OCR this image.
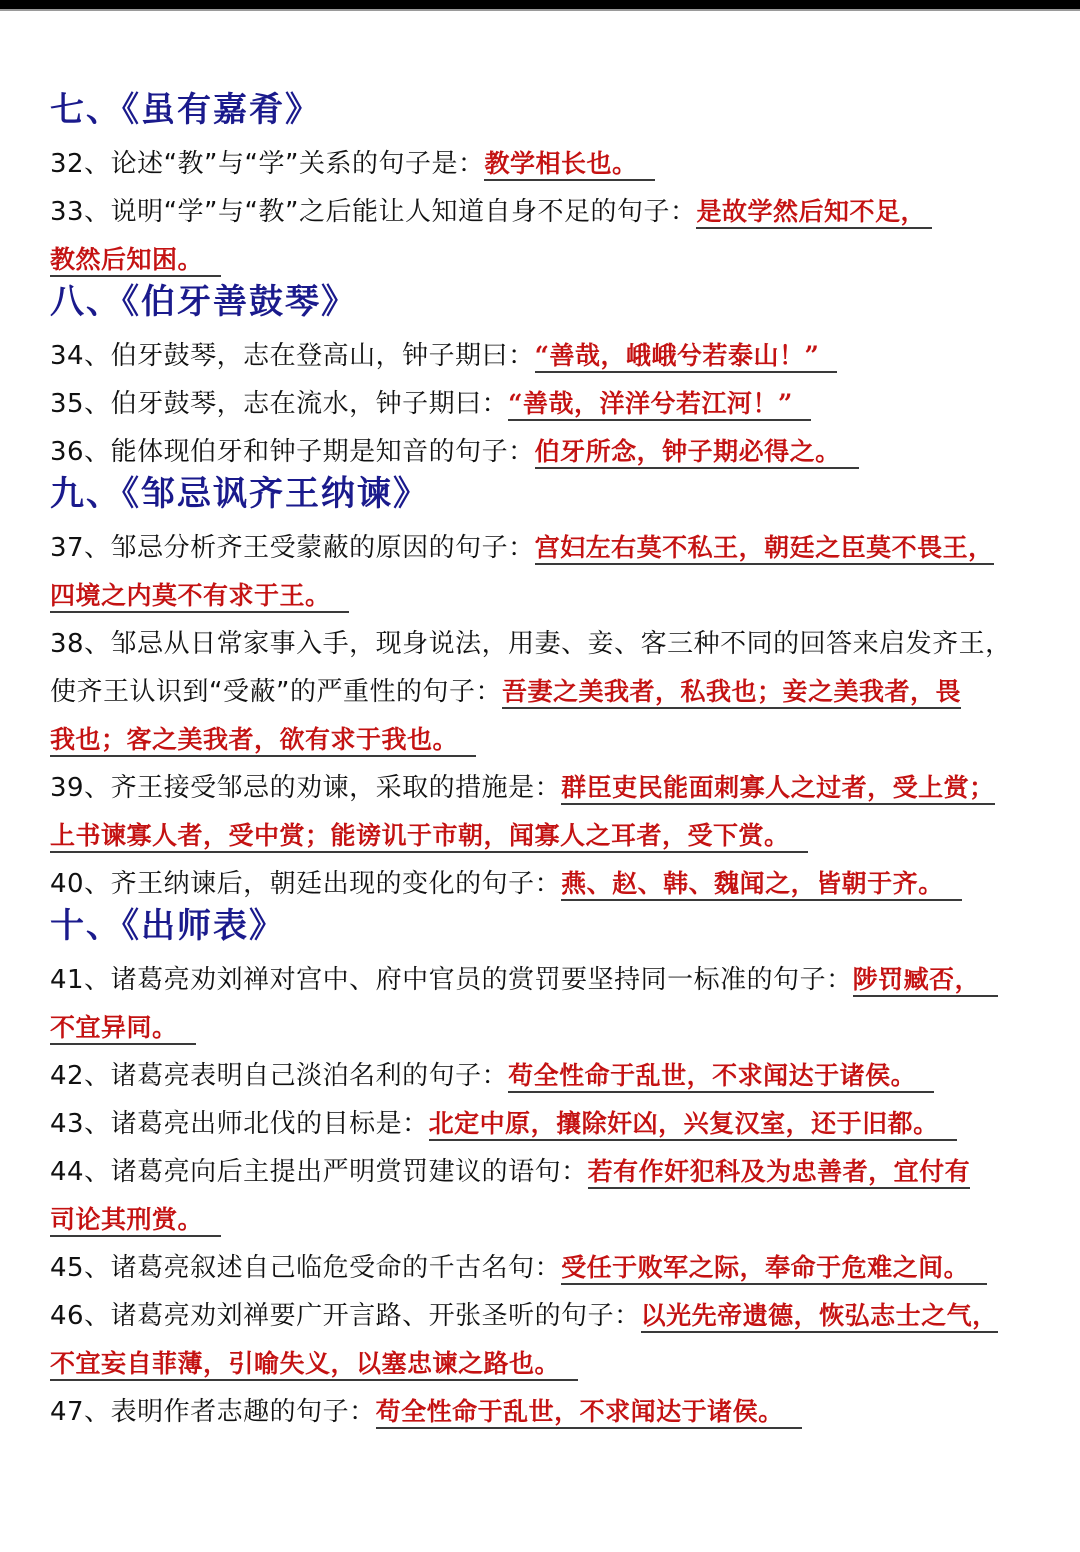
七、《虽有嘉肴》
32、论述“教”与“学”关系的句子是：教学相长也。
33、说明“学”与“教”之后能让人知道自身不足的句子：是故学然后知不足，
教然后知困。
八、《伯牙善鼓琴》
34、伯牙鼓琴，志在登高山，钟子期曰：“善哉，峨峨兮若泰山！”
35、伯牙鼓琴，志在流水，钟子期曰：“善哉，洋洋兮若江河！”
36、能体现伯牙和钟子期是知音的句子：伯牙所念，钟子期必得之。
九、《邹忌讽齐王纳谏》
37、邹忌分析齐王受蒙蔽的原因的句子：宫妇左右莫不私王，朝廷之臣莫不畏王，
四境之内莫不有求于王。
38、邹忌从日常家事入手，现身说法，用妻、妾、客三种不同的回答来启发齐王，
使齐王认识到“受蔽”的严重性的句子：吾妻之美我者，私我也；妾之美我者，畏
我也；客之美我者，欲有求于我也。
39、齐王接受邹忌的劝谏，采取的措施是：群臣吏民能面刺寡人之过者，受上赏；
上书谏寡人者，受中赏；能谤讥于市朝，闻寡人之耳者，受下赏。
40、齐王纳谏后，朝廷出现的变化的句子：燕、赵、韩、魏闻之，皆朝于齐。
十、《出师表》
41、诸葛亮劝刘禅对宫中、府中官员的赏罚要坚持同一标准的句子：陟罚臧否，
不宜异同。
42、诸葛亮表明自己淡泊名利的句子：苟全性命于乱世，不求闻达于诸侯。
43、诸葛亮出师北伐的目标是：北定中原，攘除奸凶，兴复汉室，还于旧都。
44、诸葛亮向后主提出严明赏罚建议的语句：若有作奸犯科及为忠善者，宜付有
司论其刑赏。
45、诸葛亮叙述自己临危受命的千古名句：受任于败军之际，奉命于危难之间。
46、诸葛亮劝刘禅要广开言路、开张圣听的句子：以光先帝遗德，恢弘志士之气，
不宜妄自菲薄，引喻失义，以塞忠谏之路也。
47、表明作者志趣的句子：苟全性命于乱世，不求闻达于诸侯。
